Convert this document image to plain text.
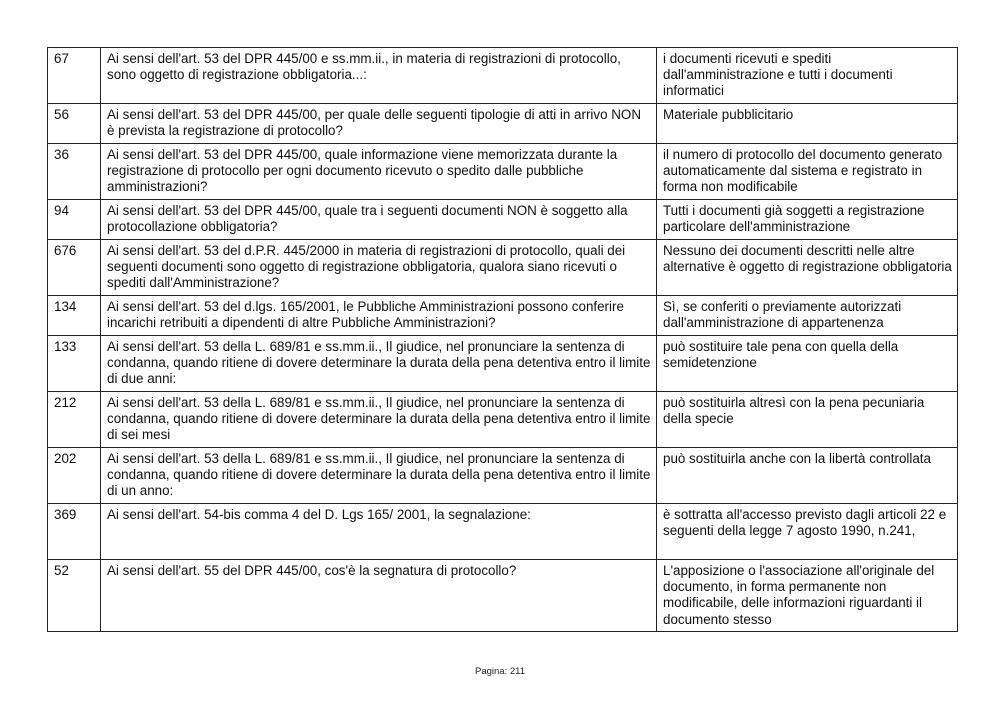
67	Ai sensi dell'art. 53 del DPR 445/00 e ss.mm.ii., in materia di registrazioni di protocollo, sono oggetto di registrazione obbligatoria...:	i documenti ricevuti e spediti dall'amministrazione e tutti i documenti informatici
56	Ai sensi dell'art. 53 del DPR 445/00, per quale delle seguenti tipologie di atti in arrivo NON è prevista la registrazione di protocollo?	Materiale pubblicitario
36	Ai sensi dell'art. 53 del DPR 445/00, quale informazione viene memorizzata durante la registrazione di protocollo per ogni documento ricevuto o spedito dalle pubbliche amministrazioni?	il numero di protocollo del documento generato automaticamente dal sistema e registrato in forma non modificabile
94	Ai sensi dell'art. 53 del DPR 445/00, quale tra i seguenti documenti NON è soggetto alla protocollazione obbligatoria?	Tutti i documenti già soggetti a registrazione particolare dell'amministrazione
676	Ai sensi dell'art. 53 del d.P.R. 445/2000 in materia di registrazioni di protocollo, quali dei seguenti documenti sono oggetto di registrazione obbligatoria, qualora siano ricevuti o spediti dall'Amministrazione?	Nessuno dei documenti descritti nelle altre alternative è oggetto di registrazione obbligatoria
134	Ai sensi dell'art. 53 del d.lgs. 165/2001, le Pubbliche Amministrazioni possono conferire incarichi retribuiti a dipendenti di altre Pubbliche Amministrazioni?	Sì, se conferiti o previamente autorizzati dall'amministrazione di appartenenza
133	Ai sensi dell'art. 53 della L. 689/81 e ss.mm.ii., Il giudice, nel pronunciare la sentenza di condanna, quando ritiene di dovere determinare la durata della pena detentiva entro il limite di due anni:	può sostituire tale pena con quella della semidetenzione
212	Ai sensi dell'art. 53 della L. 689/81 e ss.mm.ii., Il giudice, nel pronunciare la sentenza di condanna, quando ritiene di dovere determinare la durata della pena detentiva entro il limite di sei mesi	può sostituirla altresì con la pena pecuniaria della specie
202	Ai sensi dell'art. 53 della L. 689/81 e ss.mm.ii., Il giudice, nel pronunciare la sentenza di condanna, quando ritiene di dovere determinare la durata della pena detentiva entro il limite di un anno:	può sostituirla anche con la libertà controllata
369	Ai sensi dell'art. 54-bis comma 4 del D. Lgs 165/ 2001, la segnalazione:	è sottratta all'accesso previsto dagli articoli 22 e seguenti della legge 7 agosto 1990, n.241,
52	Ai sensi dell'art. 55 del DPR 445/00, cos'è la segnatura di protocollo?	L'apposizione o l'associazione all'originale del documento, in forma permanente non modificabile, delle informazioni riguardanti il documento stesso
Pagina: 211
